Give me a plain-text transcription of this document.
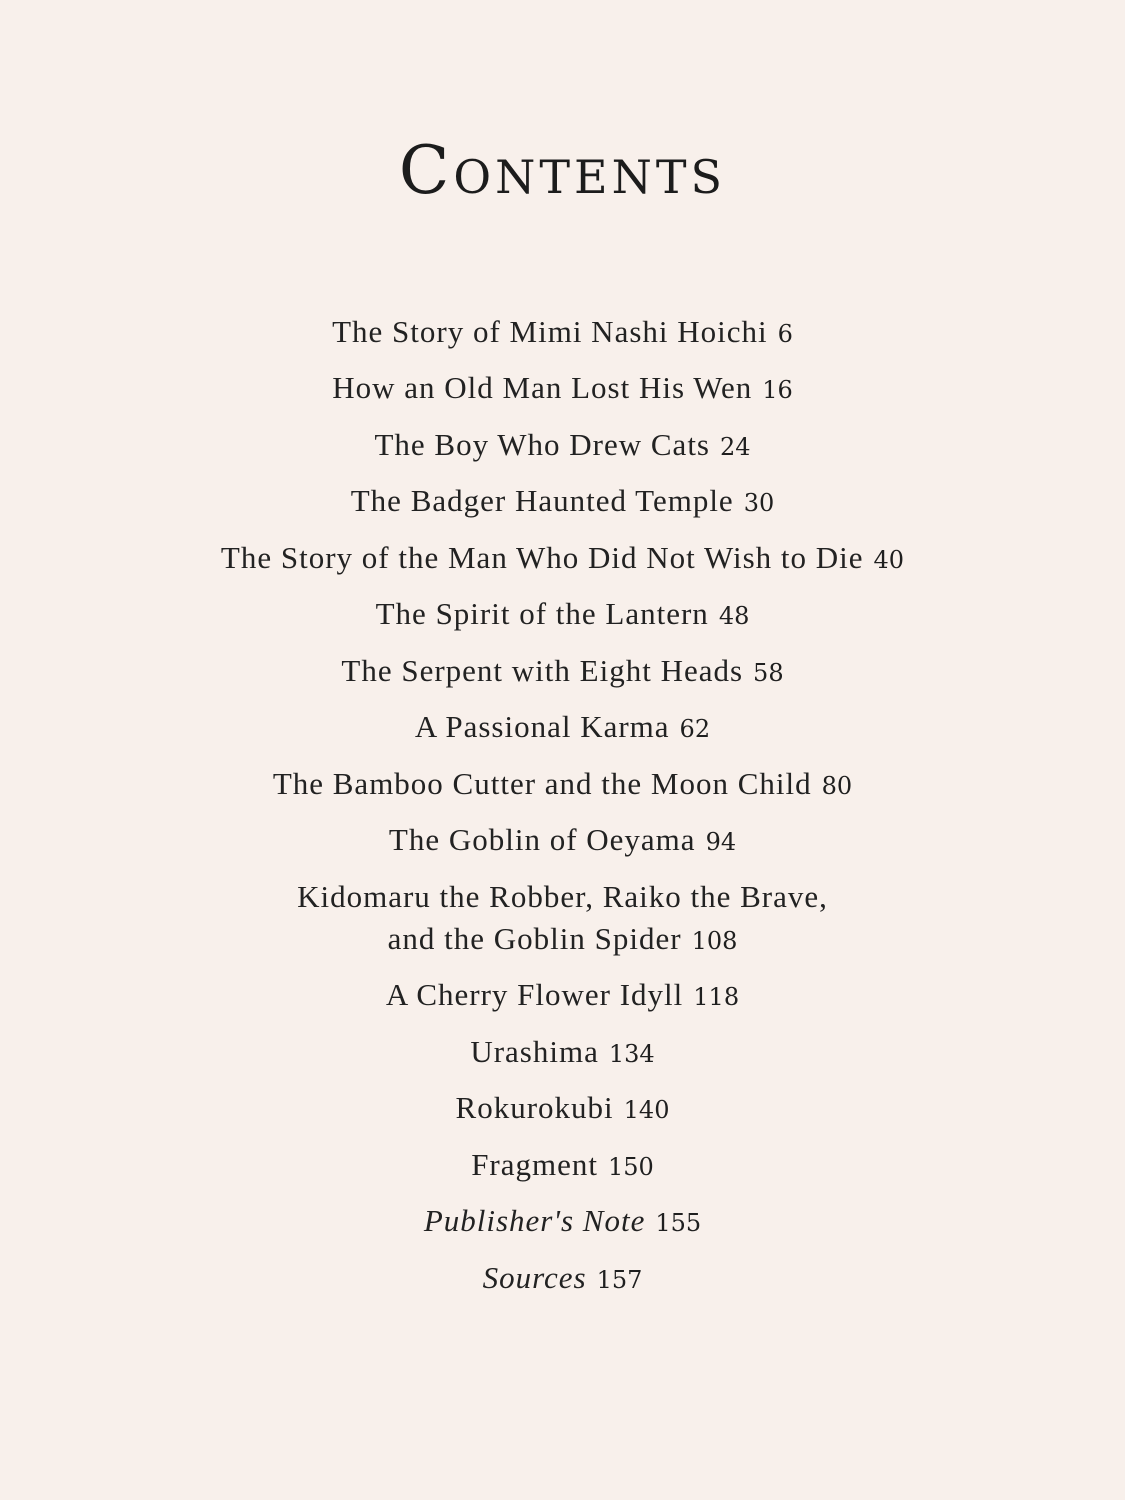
Contents
The Story of Mimi Nashi Hoichi 6
How an Old Man Lost His Wen 16
The Boy Who Drew Cats 24
The Badger Haunted Temple 30
The Story of the Man Who Did Not Wish to Die 40
The Spirit of the Lantern 48
The Serpent with Eight Heads 58
A Passional Karma 62
The Bamboo Cutter and the Moon Child 80
The Goblin of Oeyama 94
Kidomaru the Robber, Raiko the Brave,
and the Goblin Spider 108
A Cherry Flower Idyll 118
Urashima 134
Rokurokubi 140
Fragment 150
Publisher's Note 155
Sources 157
